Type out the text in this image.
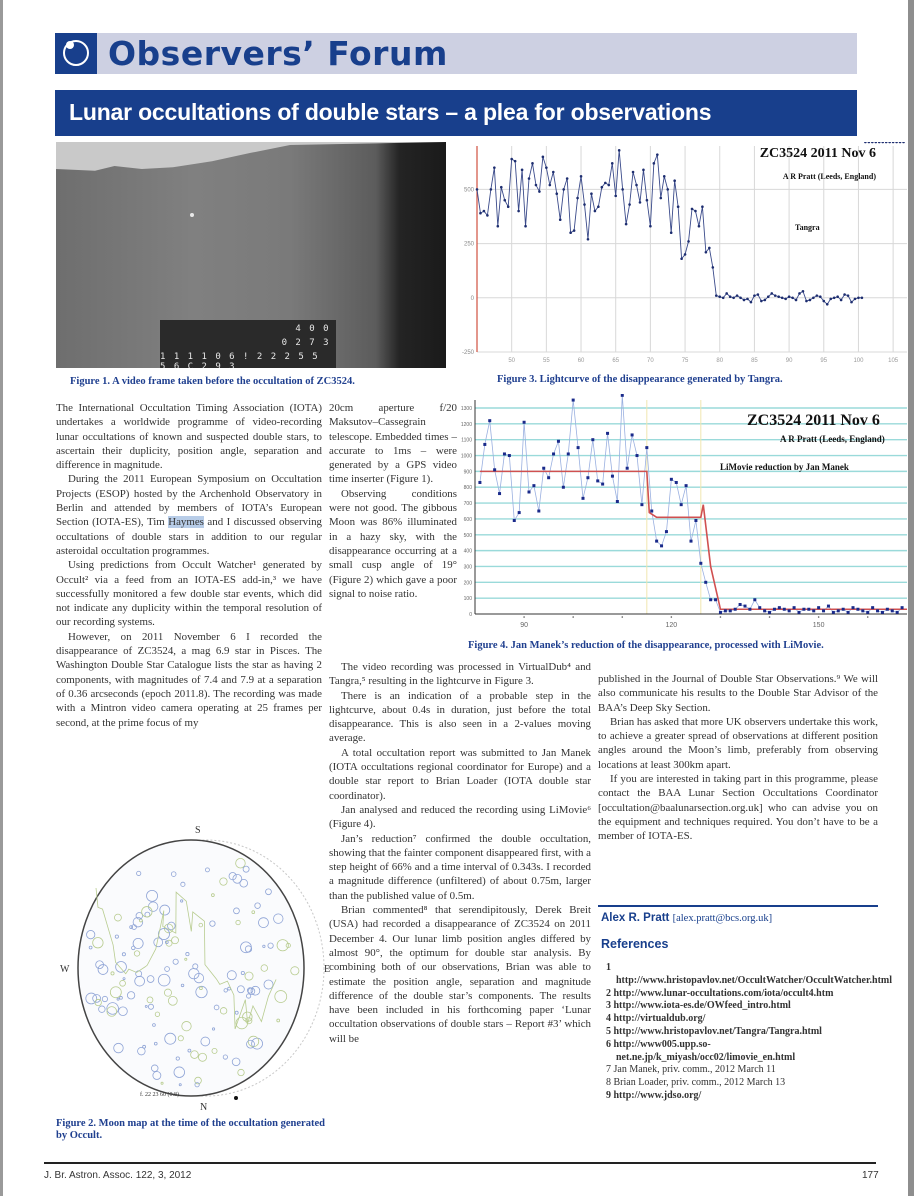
Observers’ Forum
Lunar occultations of double stars – a plea for observations
4 0 0
0 2 7 3
1 1 1 1 0 6 ! 2 2 2 5 5 5 6 C 2 9 3
Figure 1. A video frame taken before the occultation of ZC3524.
50	55	60	65	70	75	80	85	90	95	100	105
-250
0
250
500
ZC3524 2011 Nov 6
A R Pratt (Leeds, England)
Tangra
Figure 3. Lightcurve of the disappearance generated by Tangra.
0
100
200
300
400
500
600
700
800
900
1000
1100
1200
1300
90	120	150
ZC3524 2011 Nov 6
A R Pratt (Leeds, England)
LiMovie reduction by Jan Manek
Figure 4. Jan Manek’s reduction of the disappearance, processed with LiMovie.

The International Occultation Timing Association (IOTA) undertakes a worldwide programme of video-recording lunar occultations of known and suspected double stars, to ascertain their duplicity, position angle, separation and difference in magnitude.

During the 2011 European Symposium on Occultation Projects (ESOP) hosted by the Archenhold Observatory in Berlin and attended by members of IOTA’s European Section (IOTA-ES), Tim Haymes and I discussed observing occultations of double stars in addition to our regular asteroidal occultation programmes.

Using predictions from Occult Watcher¹ generated by Occult² via a feed from an IOTA-ES add-in,³ we have successfully monitored a few double star events, which did not indicate any duplicity within the temporal resolution of our recording systems.

However, on 2011 November 6 I recorded the disappearance of ZC3524, a mag 6.9 star in Pisces. The Washington Double Star Catalogue lists the star as having 2 components, with magnitudes of 7.4 and 7.9 at a separation of 0.36 arcseconds (epoch 2011.8). The recording was made with a Mintron video camera operating at 25 frames per second, at the prime focus of my

20cm aperture f/20 Maksutov–Cassegrain telescope. Embedded times – accurate to 1ms – were generated by a GPS video time inserter (Figure 1).

Observing conditions were not good. The gibbous Moon was 86% illuminated in a hazy sky, with the disappearance occurring at a small cusp angle of 19° (Figure 2) which gave a poor signal to noise ratio.

The video recording was processed in VirtualDub⁴ and Tangra,⁵ resulting in the lightcurve in Figure 3.

There is an indication of a probable step in the lightcurve, about 0.4s in duration, just before the total disappearance. This is also seen in a 2-values moving average.

A total occultation report was submitted to Jan Manek (IOTA occultations regional coordinator for Europe) and a double star report to Brian Loader (IOTA double star coordinator).

Jan analysed and reduced the recording using LiMovie⁶ (Figure 4).

Jan’s reduction⁷ confirmed the double occultation, showing that the fainter component disappeared first, with a step height of 66% and a time interval of 0.343s. I recorded a magnitude difference (unfiltered) of about 0.75m, larger than the published value of 0.5m.

Brian commented⁸ that serendipitously, Derek Breit (USA) had recorded a disappearance of ZC3524 on 2011 December 4. Our lunar limb position angles differed by almost 90°, the optimum for double star analysis. By combining both of our observations, Brian was able to estimate the position angle, separation and magnitude difference of the double star’s components. The results have been included in his forthcoming paper ‘Lunar occultation observations of double stars – Report #3’ which will be

published in the Journal of Double Star Observations.⁹ We will also communicate his results to the Double Star Advisor of the BAA’s Deep Sky Section.

Brian has asked that more UK observers undertake this work, to achieve a greater spread of observations at different position angles around the Moon’s limb, preferably from observing locations at least 300km apart.

If you are interested in taking part in this programme, please contact the BAA Lunar Section Occultations Coordinator [occultation@baalunarsection.org.uk] who can advise you on the equipment and techniques required. You don’t have to be a member of IOTA-ES.

Alex R. Pratt [alex.pratt@bcs.org.uk]
References
1 http://www.hristopavlov.net/OccultWatcher/OccultWatcher.html
2 http://www.lunar-occultations.com/iota/occult4.htm
3 http://www.iota-es.de/OWfeed_intro.html
4 http://virtualdub.org/
5 http://www.hristopavlov.net/Tangra/Tangra.html
6 http://www005.upp.so-net.ne.jp/k_miyash/occ02/limovie_en.html
7 Jan Manek, priv. comm., 2012 March 11
8 Brian Loader, priv. comm., 2012 March 13
9 http://www.jdso.org/
S
W	E
N
f. 22 23 60 (0.8)
Figure 2. Moon map at the time of the occultation generated by Occult.
J. Br. Astron. Assoc. 122, 3, 2012	177
